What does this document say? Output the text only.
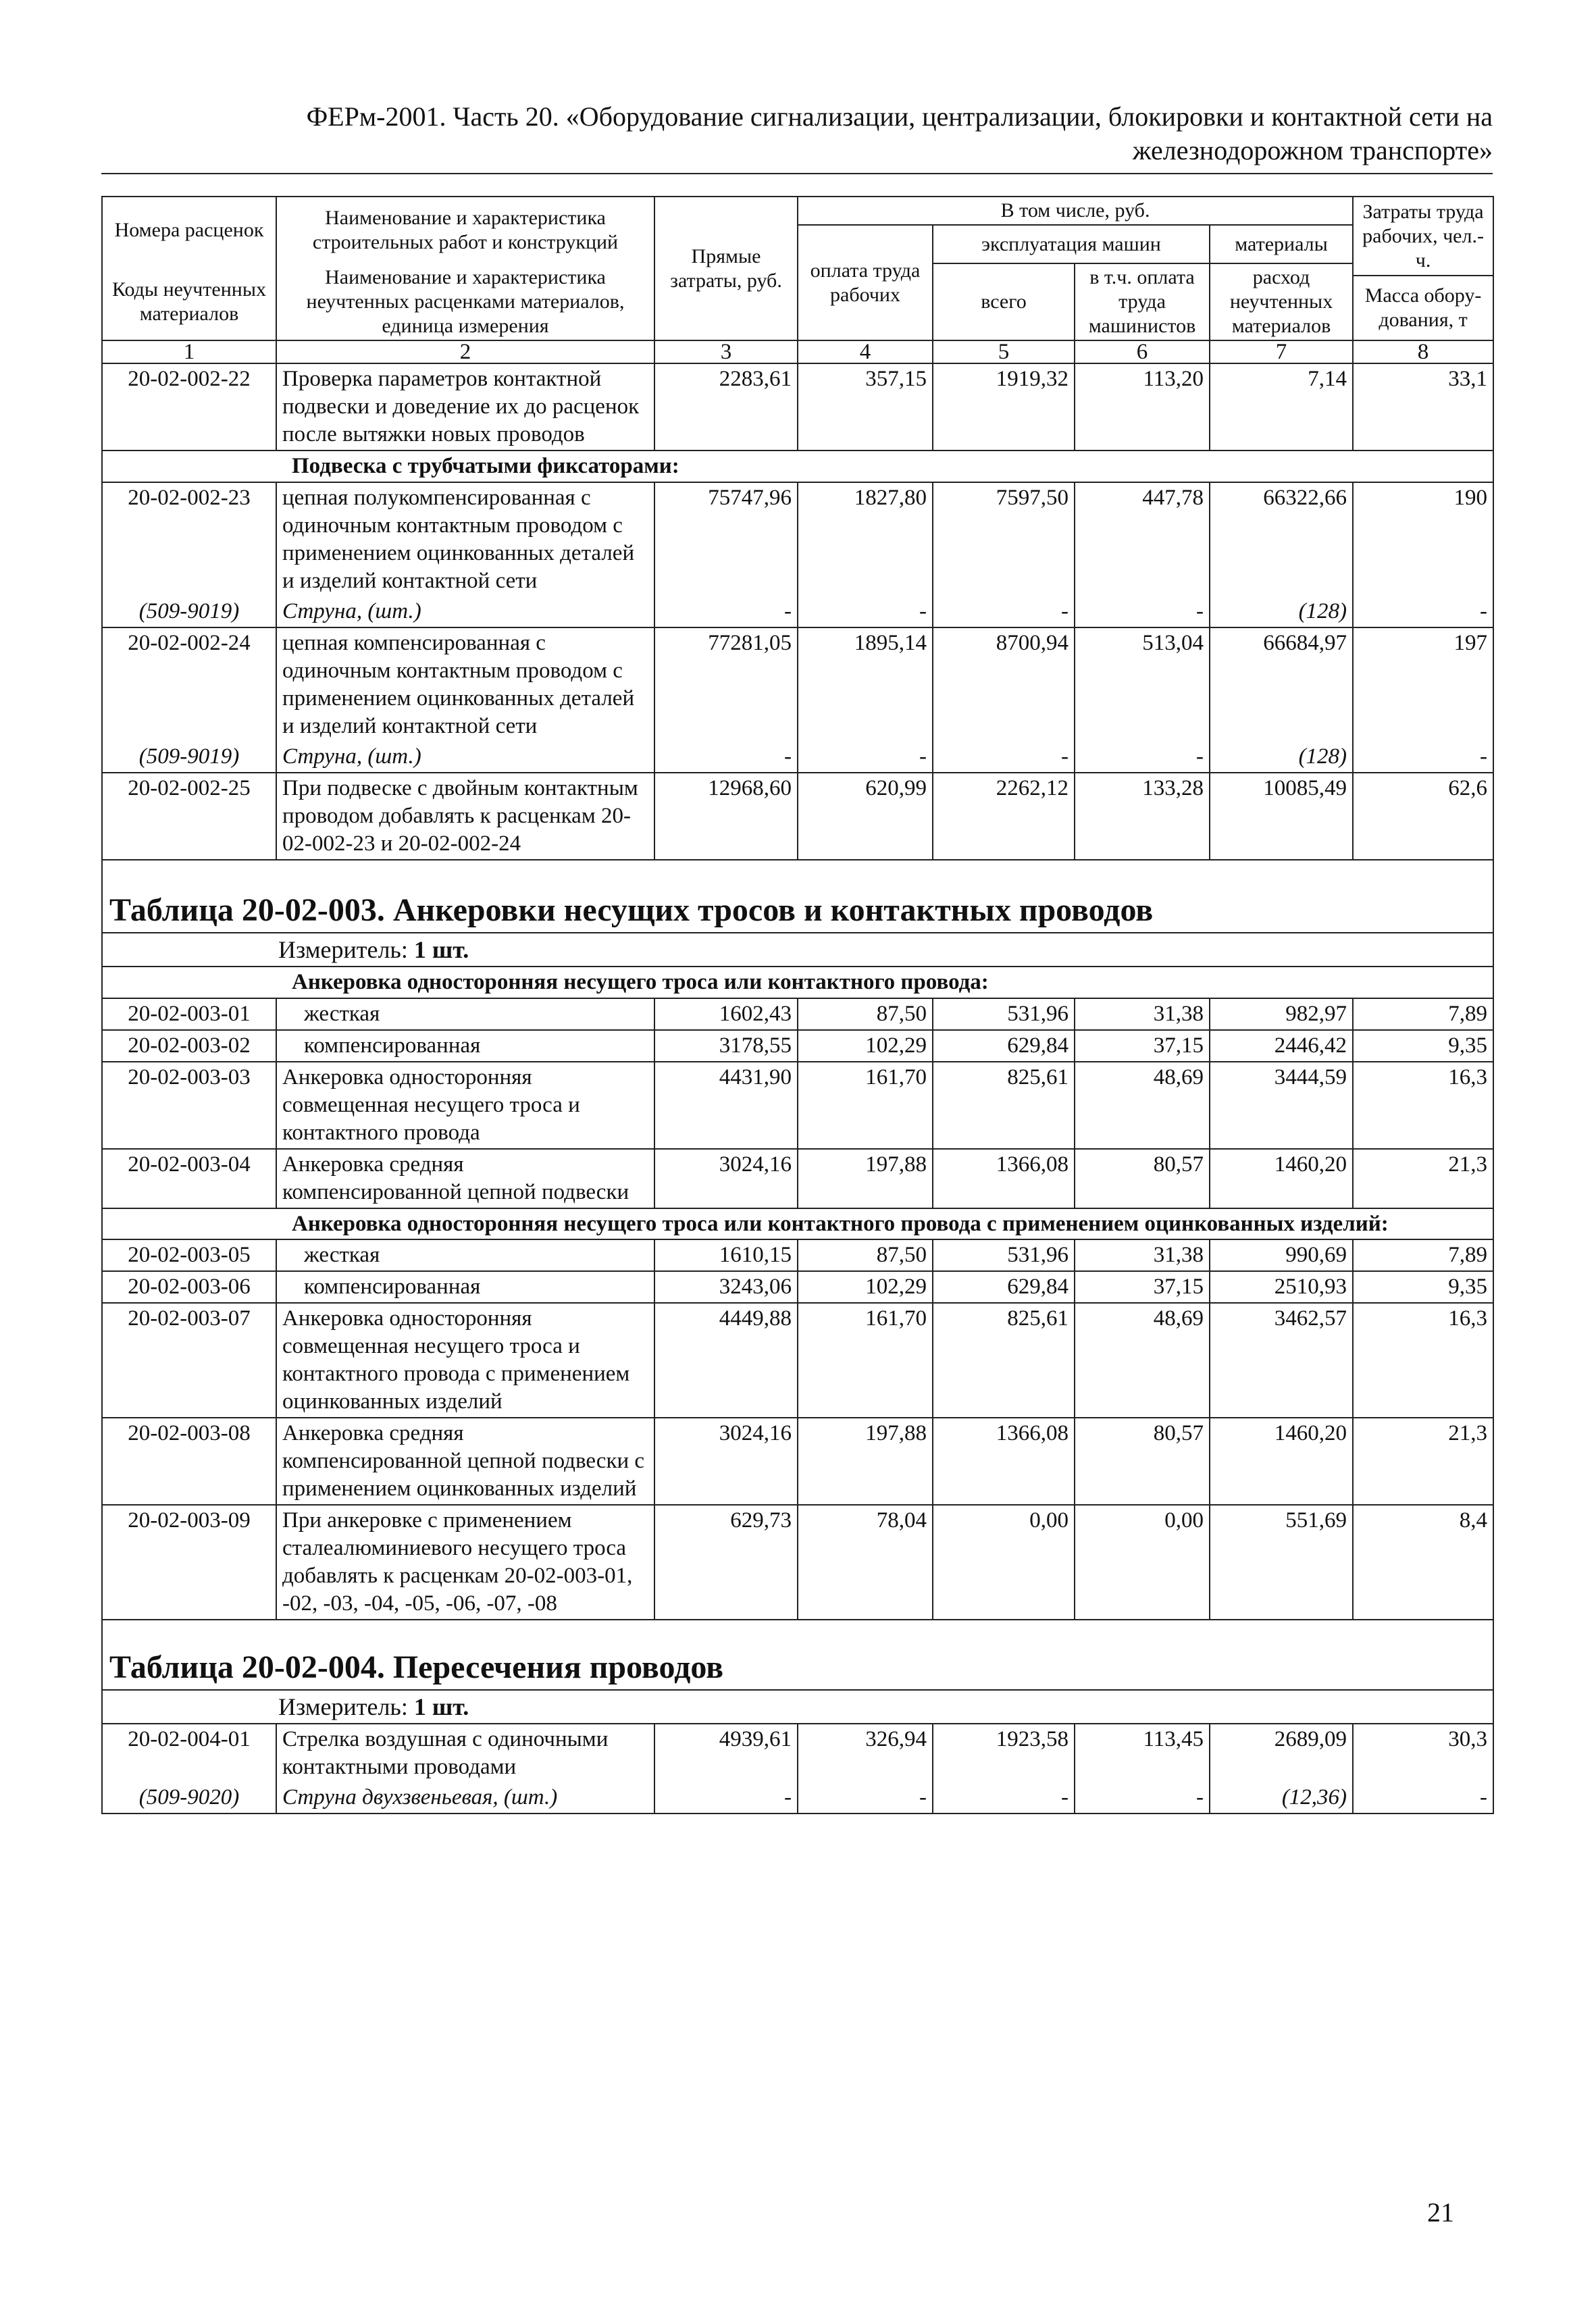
ФЕРм-2001. Часть 20. «Оборудование сигнализации, централизации, блокировки и контактной сети на
железнодорожном транспорте»
Номера расценок	Наименование и характеристика строительных работ и конструкций	Прямые затраты, руб.	В том числе, руб.				Затраты труда рабочих, чел.-ч.
			оплата труда рабочих	эксплуатация машин		материалы	
Коды неучтенных материалов	Наименование и характеристика неучтенных расценками материалов, единица измерения			всего	в т.ч. оплата труда машинистов	расход неучтенных материалов	
							Масса обору- дования, т
1	2	3	4	5	6	7	8
20-02-002-22	Проверка параметров контактной подвески и доведение их до расценок после вытяжки новых проводов	2283,61	357,15	1919,32	113,20	7,14	33,1
Подвеска с трубчатыми фиксаторами:							
20-02-002-23	цепная полукомпенсированная с одиночным контактным проводом с применением оцинкованных деталей и изделий контактной сети	75747,96	1827,80	7597,50	447,78	66322,66	190
(509-9019)	Струна, (шт.)	-	-	-	-	(128)	-
20-02-002-24	цепная компенсированная с одиночным контактным проводом с применением оцинкованных деталей и изделий контактной сети	77281,05	1895,14	8700,94	513,04	66684,97	197
(509-9019)	Струна, (шт.)	-	-	-	-	(128)	-
20-02-002-25	При подвеске с двойным контактным проводом добавлять к расценкам 20-02-002-23 и 20-02-002-24	12968,60	620,99	2262,12	133,28	10085,49	62,6
Таблица 20-02-003. Анкеровки несущих тросов и контактных проводов							
Измеритель: 1 шт.							
Анкеровка односторонняя несущего троса или контактного провода:							
20-02-003-01	жесткая	1602,43	87,50	531,96	31,38	982,97	7,89
20-02-003-02	компенсированная	3178,55	102,29	629,84	37,15	2446,42	9,35
20-02-003-03	Анкеровка односторонняя совмещенная несущего троса и контактного провода	4431,90	161,70	825,61	48,69	3444,59	16,3
20-02-003-04	Анкеровка средняя компенсированной цепной подвески	3024,16	197,88	1366,08	80,57	1460,20	21,3
Анкеровка односторонняя несущего троса или контактного провода с применением оцинкованных изделий:							
20-02-003-05	жесткая	1610,15	87,50	531,96	31,38	990,69	7,89
20-02-003-06	компенсированная	3243,06	102,29	629,84	37,15	2510,93	9,35
20-02-003-07	Анкеровка односторонняя совмещенная несущего троса и контактного провода с применением оцинкованных изделий	4449,88	161,70	825,61	48,69	3462,57	16,3
20-02-003-08	Анкеровка средняя компенсированной цепной подвески с применением оцинкованных изделий	3024,16	197,88	1366,08	80,57	1460,20	21,3
20-02-003-09	При анкеровке с применением сталеалюминиевого несущего троса добавлять к расценкам 20-02-003-01, -02, -03, -04, -05, -06, -07, -08	629,73	78,04	0,00	0,00	551,69	8,4
Таблица 20-02-004. Пересечения проводов							
Измеритель: 1 шт.							
20-02-004-01	Стрелка воздушная с одиночными контактными проводами	4939,61	326,94	1923,58	113,45	2689,09	30,3
(509-9020)	Струна двухзвеньевая, (шт.)	-	-	-	-	(12,36)	-
21
